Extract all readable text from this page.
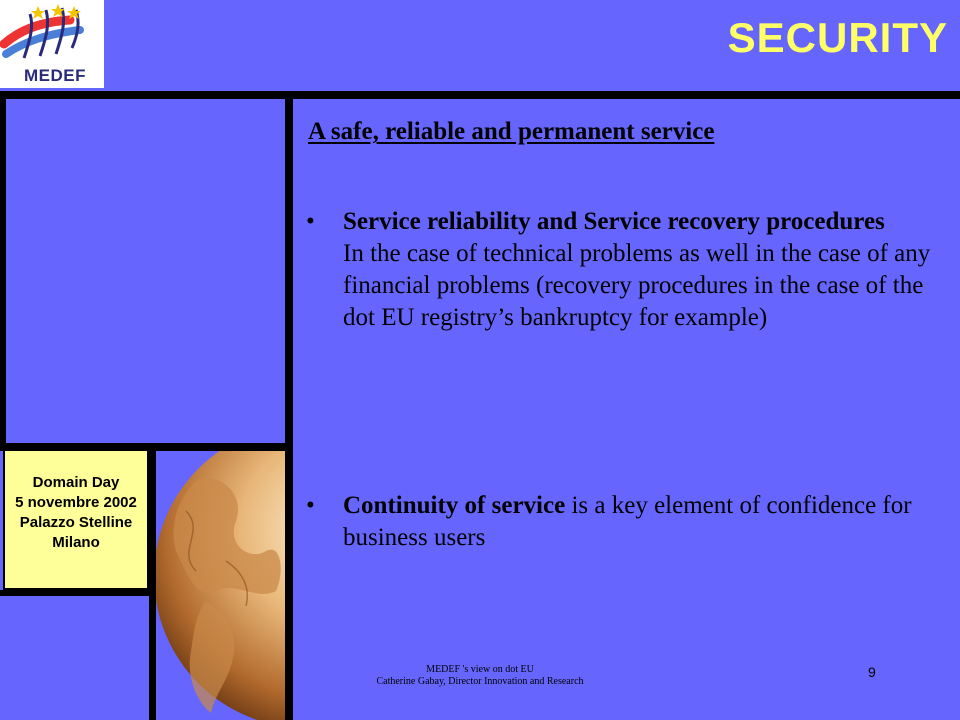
MEDEF
SECURITY
A safe, reliable and permanent service
• Service reliability and Service recovery procedures
In the case of technical problems as well in the case of any financial problems (recovery procedures in the case of the dot EU registry’s bankruptcy for example)
• Continuity of service is a key element of confidence for business users
Domain Day
5 novembre 2002
Palazzo Stelline
Milano
MEDEF 's view on dot EU
Catherine Gabay, Director Innovation and Research
9
